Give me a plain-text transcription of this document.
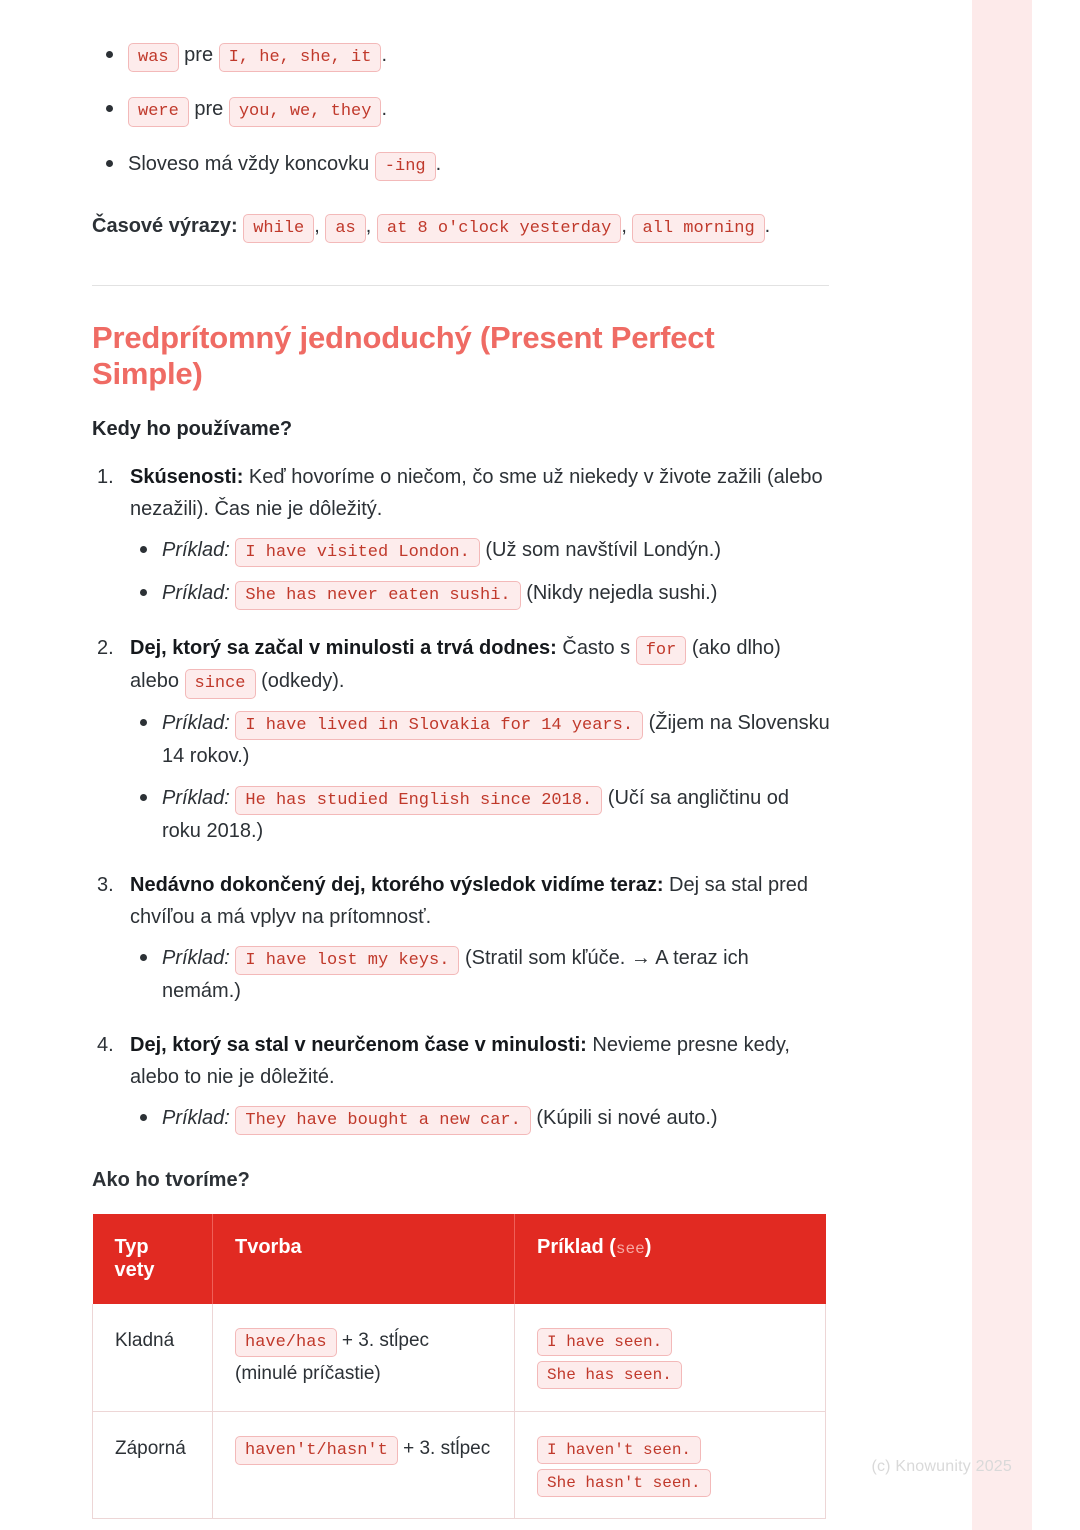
was pre I, he, she, it .
were pre you, we, they .
Sloveso má vždy koncovku -ing .
Časové výrazy: while , as , at 8 o'clock yesterday , all morning .
Predprítomný jednoduchý (Present Perfect Simple)
Kedy ho používame?
Skúsenosti: Keď hovoríme o niečom, čo sme už niekedy v živote zažili (alebo nezažili). Čas nie je dôležitý.
Príklad: I have visited London. (Už som navštívil Londýn.)
Príklad: She has never eaten sushi. (Nikdy nejedla sushi.)
Dej, ktorý sa začal v minulosti a trvá dodnes: Často s for (ako dlho) alebo since (odkedy).
Príklad: I have lived in Slovakia for 14 years. (Žijem na Slovensku 14 rokov.)
Príklad: He has studied English since 2018. (Učí sa angličtinu od roku 2018.)
Nedávno dokončený dej, ktorého výsledok vidíme teraz: Dej sa stal pred chvíľou a má vplyv na prítomnosť.
Príklad: I have lost my keys. (Stratil som kľúče. → A teraz ich nemám.)
Dej, ktorý sa stal v neurčenom čase v minulosti: Nevieme presne kedy, alebo to nie je dôležité.
Príklad: They have bought a new car. (Kúpili si nové auto.)
Ako ho tvoríme?
Typ vety	Tvorba	Príklad (see)
Kladná	have/has + 3. stĺpec (minulé príčastie)	I have seen. She has seen.
Záporná	haven't/hasn't + 3. stĺpec	I haven't seen. She hasn't seen.
(c) Knowunity 2025
